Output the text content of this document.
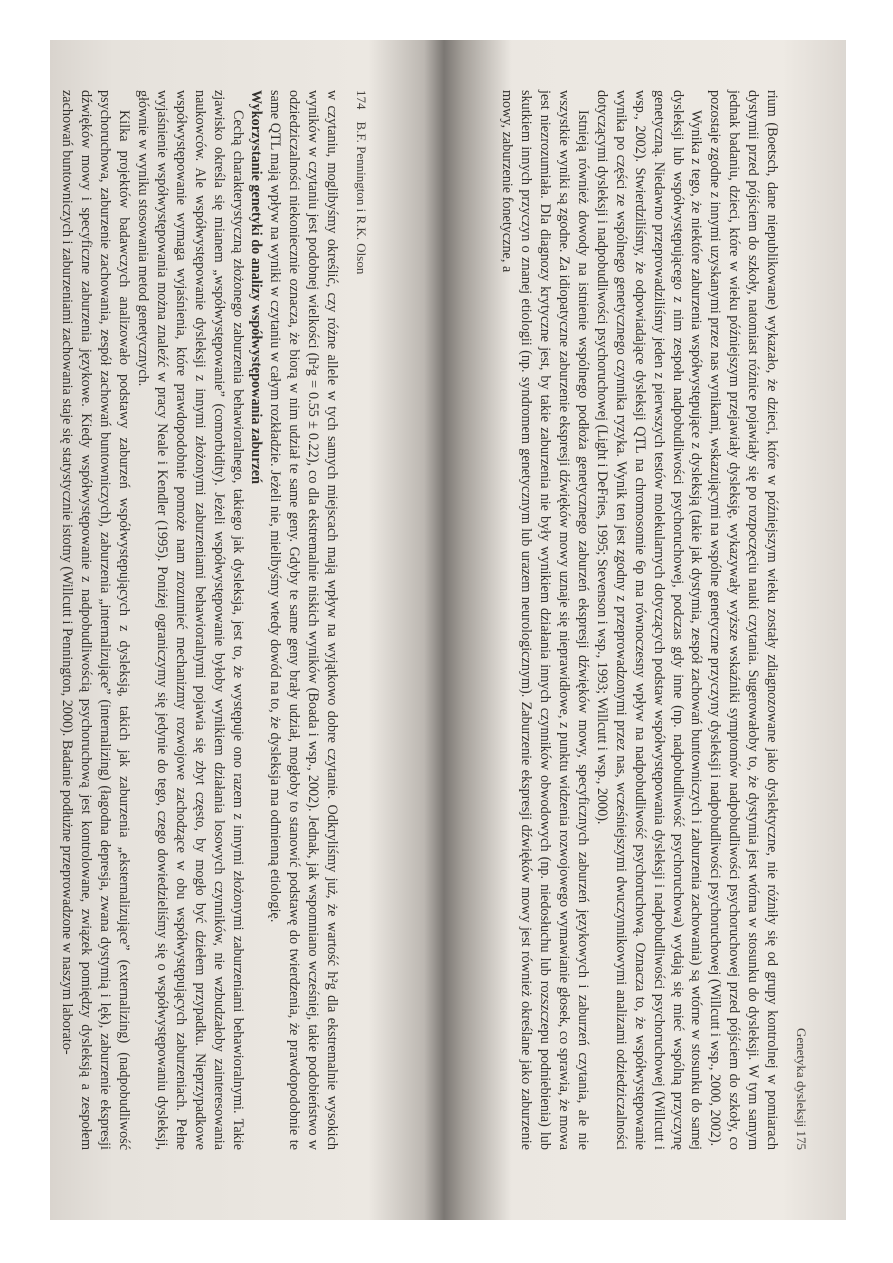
174B.F. Pennington i R.K. Olson

w czytaniu, moglibyśmy określić, czy różne allele w tych samych miejscach mają wpływ na wyjątkowo dobre czytanie. Odkryliśmy już, że wartość h²g dla ekstremalnie wysokich wyników w czytaniu jest podobnej wielkości (h²g = 0.55 ± 0.22), co dla ekstremalnie niskich wyników (Boada i wsp., 2002). Jednak, jak wspomniano wcześniej, takie podobieństwo w odziedziczalności niekoniecznie oznacza, że biorą w nim udział te same geny. Gdyby te same geny brały udział, mogłoby to stanowić podstawę do twierdzenia, że prawdopodobnie te same QTL mają wpływ na wyniki w czytaniu w całym rozkładzie. Jeżeli nie, mielibyśmy wtedy dowód na to, że dysleksja ma odmienną etiologię.

Wykorzystanie genetyki do analizy współwystępowania zaburzeń

Cechą charakterystyczną złożonego zaburzenia behawioralnego, takiego jak dysleksja, jest to, że występuje ono razem z innymi złożonymi zaburzeniami behawioralnymi. Takie zjawisko określa się mianem „współwystępowanie” (comorbidity). Jeżeli współwystępowanie byłoby wynikiem działania losowych czynników, nie wzbudzałoby zainteresowania naukowców. Ale współwystępowanie dysleksji z innymi złożonymi zaburzeniami behawioralnymi pojawia się zbyt często, by mogło być dziełem przypadku. Nieprzypadkowe współwystępowanie wymaga wyjaśnienia, które prawdopodobnie pomoże nam zrozumieć mechanizmy rozwojowe zachodzące w obu współwystępujących zaburzeniach. Pełne wyjaśnienie współwystępowania można znaleźć w pracy Neale i Kendler (1995). Poniżej ograniczymy się jedynie do tego, czego dowiedzieliśmy się o współwystępowaniu dysleksji, głównie w wyniku stosowania metod genetycznych.

Kilka projektów badawczych analizowało podstawy zaburzeń współwystępujących z dysleksją, takich jak zaburzenia „eksternalizujące” (externalizing) (nadpobudliwość psychoruchowa, zaburzenie zachowania, zespół zachowań buntowniczych), zaburzenia „internalizujące” (internalizing) (łagodna depresja, zwana dystymią i lęk), zaburzenie ekspresji dźwięków mowy i specyficzne zaburzenia językowe. Kiedy współwystępowanie z nadpobudliwością psychoruchową jest kontrolowane, związek pomiędzy dysleksją a zespołem zachowań buntowniczych i zaburzeniami zachowania staje się statystycznie istotny (Willcutt i Pennington, 2000). Badanie podłużne przeprowadzone w naszym laborato-

Genetyka dysleksji 175

rium (Boetsch, dane niepublikowane) wykazało, że dzieci, które w późniejszym wieku zostały zdiagnozowane jako dyslektyczne, nie różniły się od grupy kontrolnej w pomiarach dystymii przed pójściem do szkoły, natomiast różnice pojawiały się po rozpoczęciu nauki czytania. Sugerowałoby to, że dystymia jest wtórna w stosunku do dysleksji. W tym samym jednak badaniu, dzieci, które w wieku późniejszym przejawiały dysleksję, wykazywały wyższe wskaźniki symptomów nadpobudliwości psychoruchowej przed pójściem do szkoły, co pozostaje zgodne z innymi uzyskanymi przez nas wynikami, wskazującymi na wspólne genetyczne przyczyny dysleksji i nadpobudliwości psychoruchowej (Willcutt i wsp., 2000, 2002).

Wynika z tego, że niektóre zaburzenia współwystępujące z dysleksją (takie jak dystymia, zespół zachowań buntowniczych i zaburzenia zachowania) są wtórne w stosunku do samej dysleksji lub współwystępującego z nim zespołu nadpobudliwości psychoruchowej, podczas gdy inne (np. nadpobudliwość psychoruchowa) wydają się mieć wspólną przyczynę genetyczną. Niedawno przeprowadziliśmy jeden z pierwszych testów molekularnych dotyczących podstaw współwystępowania dysleksji i nadpobudliwości psychoruchowej (Willcutt i wsp., 2002). Stwierdziliśmy, że odpowiadające dysleksji QTL na chromosomie 6p ma równoczesny wpływ na nadpobudliwość psychoruchową. Oznacza to, że współwystępowanie wynika po części ze wspólnego genetycznego czynnika ryzyka. Wynik ten jest zgodny z przeprowadzonymi przez nas, wcześniejszymi dwuczynnikowymi analizami odziedziczalności dotyczącymi dysleksji i nadpobudliwości psychoruchowej (Light i DeFries, 1995; Stevenson i wsp., 1993; Willcutt i wsp., 2000).

Istnieją również dowody na istnienie wspólnego podłoża genetycznego zaburzeń ekspresji dźwięków mowy, specyficznych zaburzeń językowych i zaburzeń czytania, ale nie wszystkie wyniki są zgodne. Za idiopatyczne zaburzenie ekspresji dźwięków mowy uznaje się nieprawidłowe, z punktu widzenia rozwojowego wymawianie głosek, co sprawia, że mowa jest niezrozumiała. Dla diagnozy krytyczne jest, by takie zaburzenia nie były wynikiem działania innych czynników obwodowych (np. niedosłuchu lub rozszczepu podniebienia) lub skutkiem innych przyczyn o znanej etiologii (np. syndromem genetycznym lub urazem neurologicznym). Zaburzenie ekspresji dźwięków mowy jest również określane jako zaburzenie mowy, zaburzenie fonetyczne, a
